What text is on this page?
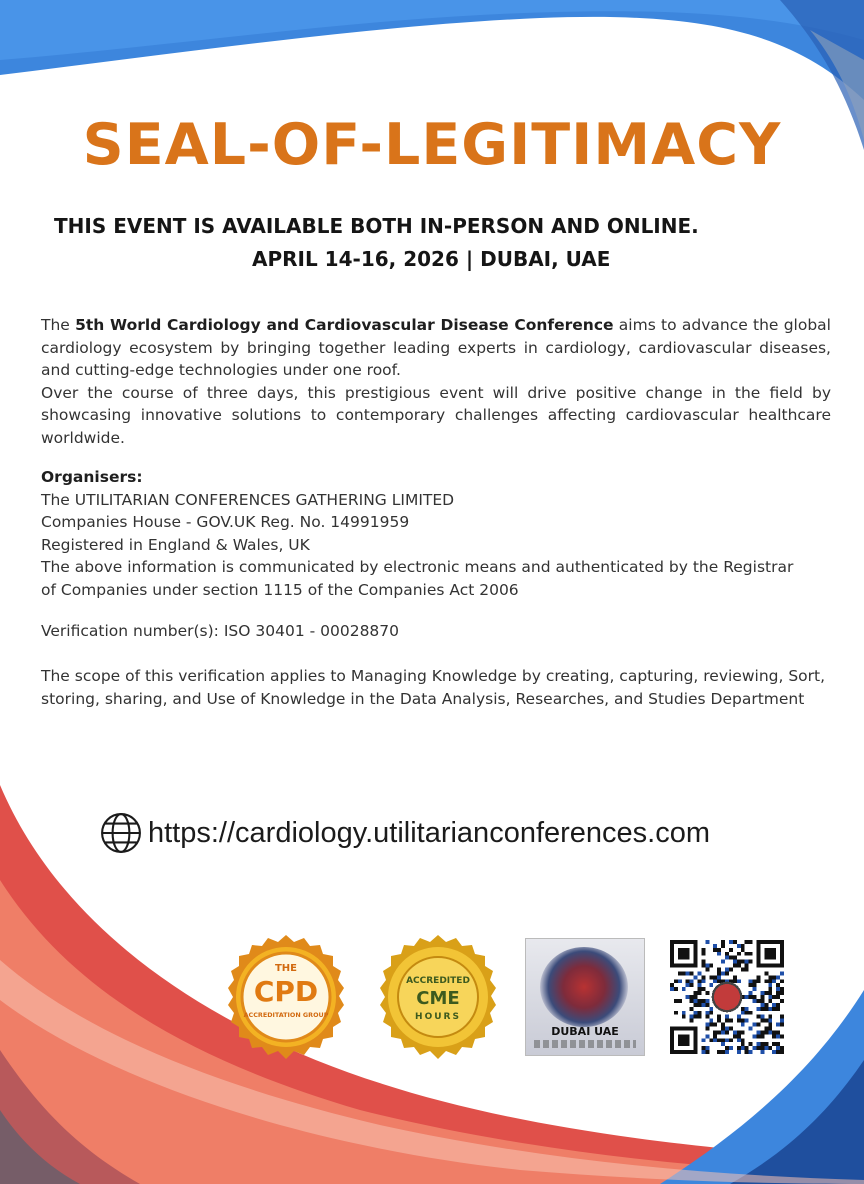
SEAL-OF-LEGITIMACY
THIS EVENT IS AVAILABLE BOTH IN-PERSON AND ONLINE.
APRIL 14-16, 2026 | DUBAI, UAE

The 5th World Cardiology and Cardiovascular Disease Conference aims to advance the global cardiology ecosystem by bringing together leading experts in cardiology, cardiovascular diseases, and cutting-edge technologies under one roof.

Over the course of three days, this prestigious event will drive positive change in the field by showcasing innovative solutions to contemporary challenges affecting cardiovascular healthcare worldwide.

Organisers:
The UTILITARIAN CONFERENCES GATHERING LIMITED
Companies House - GOV.UK Reg. No. 14991959
Registered in England & Wales, UK
The above information is communicated by electronic means and authenticated by the Registrar
of Companies under section 1115 of the Companies Act 2006
Verification number(s): ISO 30401 - 00028870
The scope of this verification applies to Managing Knowledge by creating, capturing, reviewing, Sort, storing, sharing, and Use of Knowledge in the Data Analysis, Researches, and Studies Department
https://cardiology.utilitarianconferences.com
THE
CPD
ACCREDITATION GROUP
ACCREDITED
CME
HOURS
DUBAI UAE
